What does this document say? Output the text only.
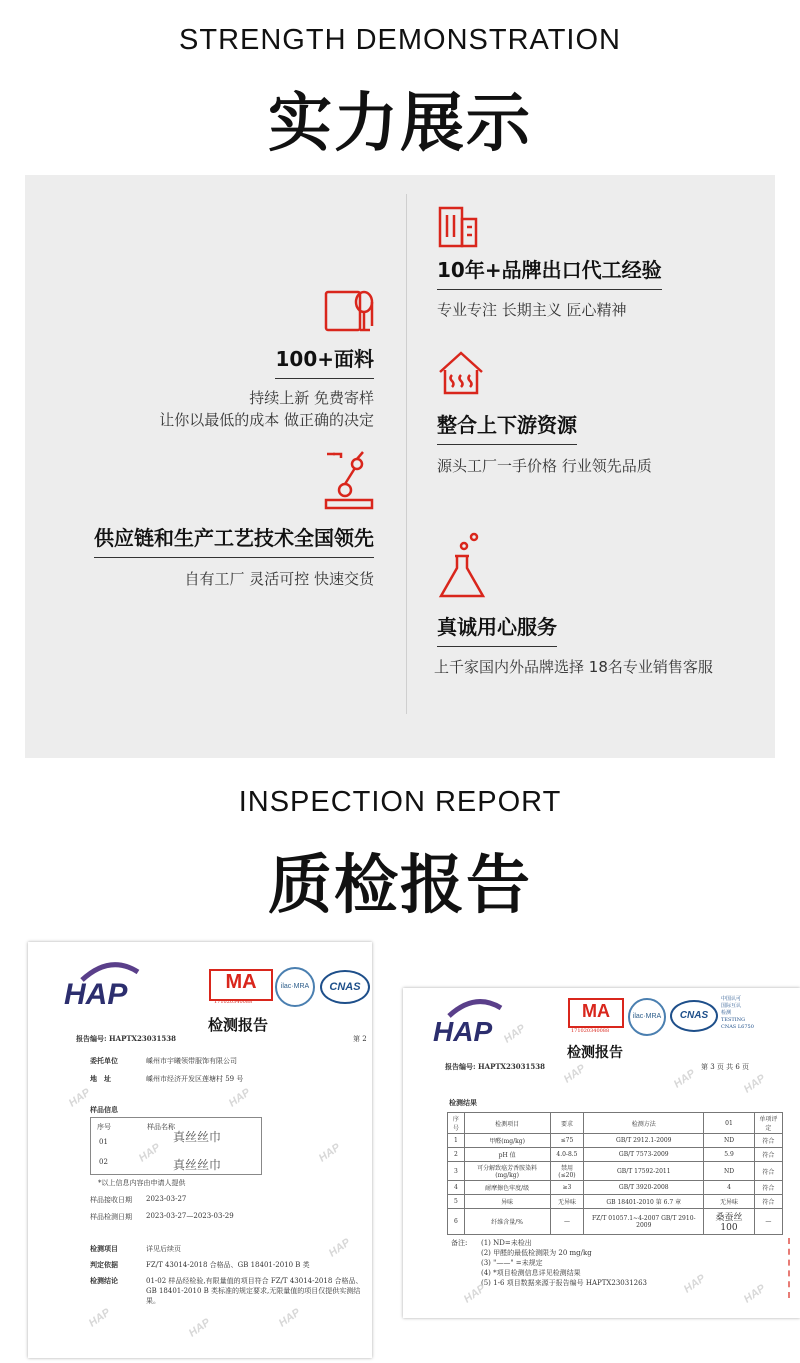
STRENGTH DEMONSTRATION
实力展示
10年+品牌出口代工经验
专业专注 长期主义 匠心精神
100+面料
持续上新 免费寄样
让你以最低的成本 做正确的决定	整合上下游资源
源头工厂一手价格 行业领先品质
供应链和生产工艺技术全国领先
自有工厂 灵活可控 快速交货
真诚用心服务
上千家国内外品牌选择 18名专业销售客服
INSPECTION REPORT
质检报告
HAP	MA
171020340088
ilac·MRA	CNAS
检测报告
报告编号: HAPTX23031538	第 2
委托单位	嵊州市宇曦领带服饰有限公司
地　址	嵊州市经济开发区莲塘村 59 号
样品信息
序号	样品名称
01	真丝丝巾
02	真丝丝巾
*以上信息内容由申请人提供
样品接收日期 2023-03-27
样品检测日期 2023-03-27—2023-03-29
检测项目	详见后续页
判定依据	FZ/T 43014-2018 合格品、GB 18401-2010 B 类
检测结论	01-02 样品经检验,有限量值的项目符合 FZ/T 43014-2018 合格品、GB 18401-2010 B 类标准的规定要求,无限量值的项目仅提供实测结果。
HAP
HAP
HAP
HAP
HAP	HAP	HAP
HAP
HAP
MA
171020340088
ilac·MRA	CNAS
中国认可
国际互认
检测
TESTING
CNAS L6750
检测报告
报告编号: HAPTX23031538	第 3 页 共 6 页
检测结果
序号	检测项目	要求	检测方法	01	单项评定
1	甲醛(mg/kg)	≤75	GB/T 2912.1-2009	ND	符合
2	pH 值	4.0-8.5	GB/T 7573-2009	5.9	符合
3	可分解致癌芳香胺染料(mg/kg)	禁用(≤20)	GB/T 17592-2011	ND	符合
4	耐摩擦色牢度/级	≥3	GB/T 3920-2008	4	符合
5	异味	无异味	GB 18401-2010 第 6.7 章	无异味	符合
6	纤维含量/%	—	FZ/T 01057.1~4-2007 GB/T 2910-2009	桑蚕丝 100	—
备注: (1) ND=未检出
(2) 甲醛的最低检测限为 20 mg/kg
(3) "——" =未规定
(4) *项目检测信息详见检测结果
(5) 1-6 项目数据来源于报告编号 HAPTX23031263
HAP
HAP	HAP	HAP
HAP	HAP	HAP
